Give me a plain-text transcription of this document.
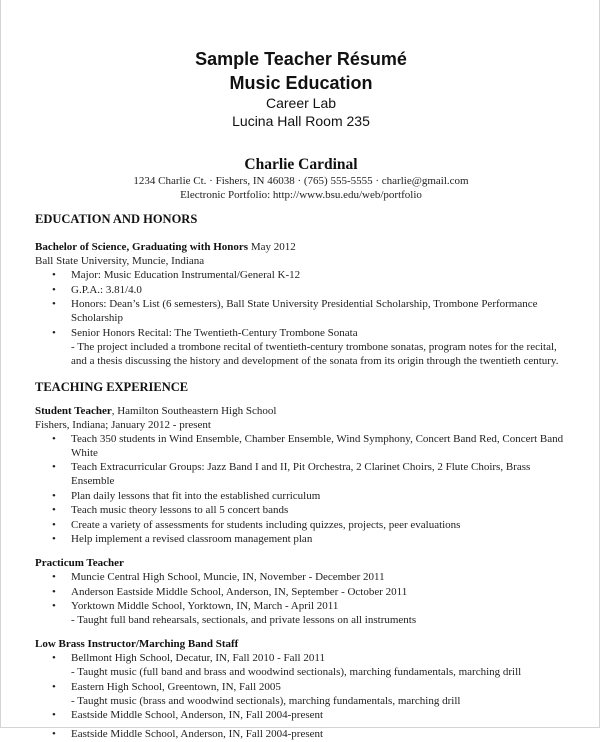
Sample Teacher Résumé
Music Education
Career Lab
Lucina Hall Room 235
Charlie Cardinal
1234 Charlie Ct. · Fishers, IN 46038 · (765) 555-5555 · charlie@gmail.com
Electronic Portfolio: http://www.bsu.edu/web/portfolio
EDUCATION AND HONORS
Bachelor of Science, Graduating with Honors May 2012
Ball State University, Muncie, Indiana
• Major: Music Education Instrumental/General K-12
• G.P.A.: 3.81/4.0
• Honors: Dean’s List (6 semesters), Ball State University Presidential Scholarship, Trombone Performance Scholarship
• Senior Honors Recital: The Twentieth-Century Trombone Sonata
- The project included a trombone recital of twentieth-century trombone sonatas, program notes for the recital, and a thesis discussing the history and development of the sonata from its origin through the twentieth century.
TEACHING EXPERIENCE
Student Teacher, Hamilton Southeastern High School
Fishers, Indiana; January 2012 - present
• Teach 350 students in Wind Ensemble, Chamber Ensemble, Wind Symphony, Concert Band Red, Concert Band White
• Teach Extracurricular Groups: Jazz Band I and II, Pit Orchestra, 2 Clarinet Choirs, 2 Flute Choirs, Brass Ensemble
• Plan daily lessons that fit into the established curriculum
• Teach music theory lessons to all 5 concert bands
• Create a variety of assessments for students including quizzes, projects, peer evaluations
• Help implement a revised classroom management plan
Practicum Teacher
• Muncie Central High School, Muncie, IN, November - December 2011
• Anderson Eastside Middle School, Anderson, IN, September - October 2011
• Yorktown Middle School, Yorktown, IN, March - April 2011
- Taught full band rehearsals, sectionals, and private lessons on all instruments
Low Brass Instructor/Marching Band Staff
• Bellmont High School, Decatur, IN, Fall 2010 - Fall 2011
- Taught music (full band and brass and woodwind sectionals), marching fundamentals, marching drill
• Eastern High School, Greentown, IN, Fall 2005
- Taught music (brass and woodwind sectionals), marching fundamentals, marching drill
• Eastside Middle School, Anderson, IN, Fall 2004-present
• Eastside Middle School, Anderson, IN, Fall 2004-present
